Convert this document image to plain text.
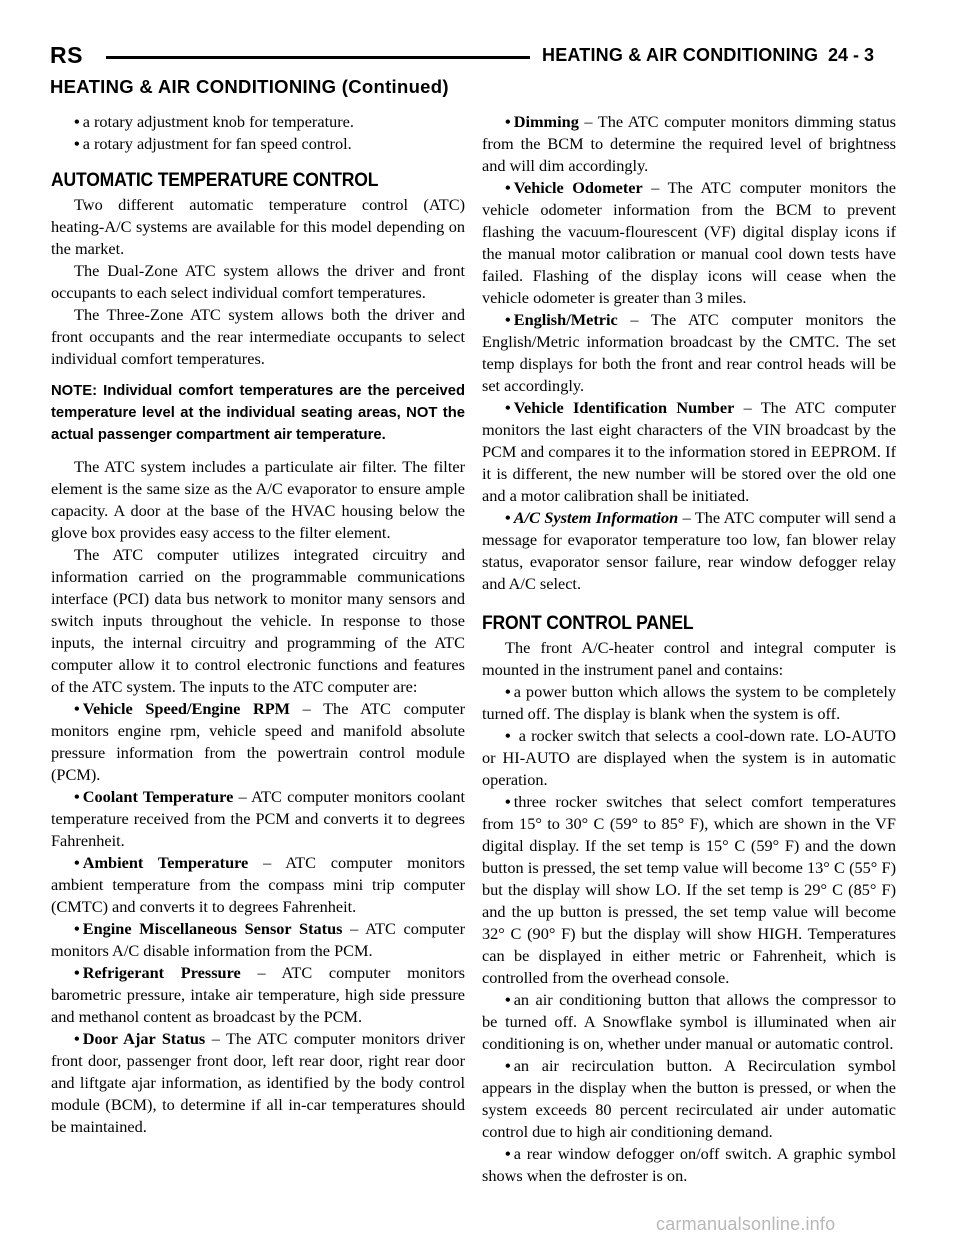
RS	HEATING & AIR CONDITIONING 24 - 3
HEATING & AIR CONDITIONING (Continued)

• a rotary adjustment knob for temperature.

• a rotary adjustment for fan speed control.

AUTOMATIC TEMPERATURE CONTROL

Two different automatic temperature control (ATC) heating-A/C systems are available for this model depending on the market.

The Dual-Zone ATC system allows the driver and front occupants to each select individual comfort temperatures.

The Three-Zone ATC system allows both the driver and front occupants and the rear intermediate occupants to select individual comfort temperatures.

NOTE: Individual comfort temperatures are the perceived temperature level at the individual seating areas, NOT the actual passenger compartment air temperature.

The ATC system includes a particulate air filter. The filter element is the same size as the A/C evaporator to ensure ample capacity. A door at the base of the HVAC housing below the glove box provides easy access to the filter element.

The ATC computer utilizes integrated circuitry and information carried on the programmable communications interface (PCI) data bus network to monitor many sensors and switch inputs throughout the vehicle. In response to those inputs, the internal circuitry and programming of the ATC computer allow it to control electronic functions and features of the ATC system. The inputs to the ATC computer are:

• Vehicle Speed/Engine RPM – The ATC computer monitors engine rpm, vehicle speed and manifold absolute pressure information from the powertrain control module (PCM).

• Coolant Temperature – ATC computer monitors coolant temperature received from the PCM and converts it to degrees Fahrenheit.

• Ambient Temperature – ATC computer monitors ambient temperature from the compass mini trip computer (CMTC) and converts it to degrees Fahrenheit.

• Engine Miscellaneous Sensor Status – ATC computer monitors A/C disable information from the PCM.

• Refrigerant Pressure – ATC computer monitors barometric pressure, intake air temperature, high side pressure and methanol content as broadcast by the PCM.

• Door Ajar Status – The ATC computer monitors driver front door, passenger front door, left rear door, right rear door and liftgate ajar information, as identified by the body control module (BCM), to determine if all in-car temperatures should be maintained.

• Dimming – The ATC computer monitors dimming status from the BCM to determine the required level of brightness and will dim accordingly.

• Vehicle Odometer – The ATC computer monitors the vehicle odometer information from the BCM to prevent flashing the vacuum-flourescent (VF) digital display icons if the manual motor calibration or manual cool down tests have failed. Flashing of the display icons will cease when the vehicle odometer is greater than 3 miles.

• English/Metric – The ATC computer monitors the English/Metric information broadcast by the CMTC. The set temp displays for both the front and rear control heads will be set accordingly.

• Vehicle Identification Number – The ATC computer monitors the last eight characters of the VIN broadcast by the PCM and compares it to the information stored in EEPROM. If it is different, the new number will be stored over the old one and a motor calibration shall be initiated.

• A/C System Information – The ATC computer will send a message for evaporator temperature too low, fan blower relay status, evaporator sensor failure, rear window defogger relay and A/C select.

FRONT CONTROL PANEL

The front A/C-heater control and integral computer is mounted in the instrument panel and contains:

• a power button which allows the system to be completely turned off. The display is blank when the system is off.

• a rocker switch that selects a cool-down rate. LO-AUTO or HI-AUTO are displayed when the system is in automatic operation.

• three rocker switches that select comfort temperatures from 15° to 30° C (59° to 85° F), which are shown in the VF digital display. If the set temp is 15° C (59° F) and the down button is pressed, the set temp value will become 13° C (55° F) but the display will show LO. If the set temp is 29° C (85° F) and the up button is pressed, the set temp value will become 32° C (90° F) but the display will show HIGH. Temperatures can be displayed in either metric or Fahrenheit, which is controlled from the overhead console.

• an air conditioning button that allows the compressor to be turned off. A Snowflake symbol is illuminated when air conditioning is on, whether under manual or automatic control.

• an air recirculation button. A Recirculation symbol appears in the display when the button is pressed, or when the system exceeds 80 percent recirculated air under automatic control due to high air conditioning demand.

• a rear window defogger on/off switch. A graphic symbol shows when the defroster is on.

carmanualsonline.info
